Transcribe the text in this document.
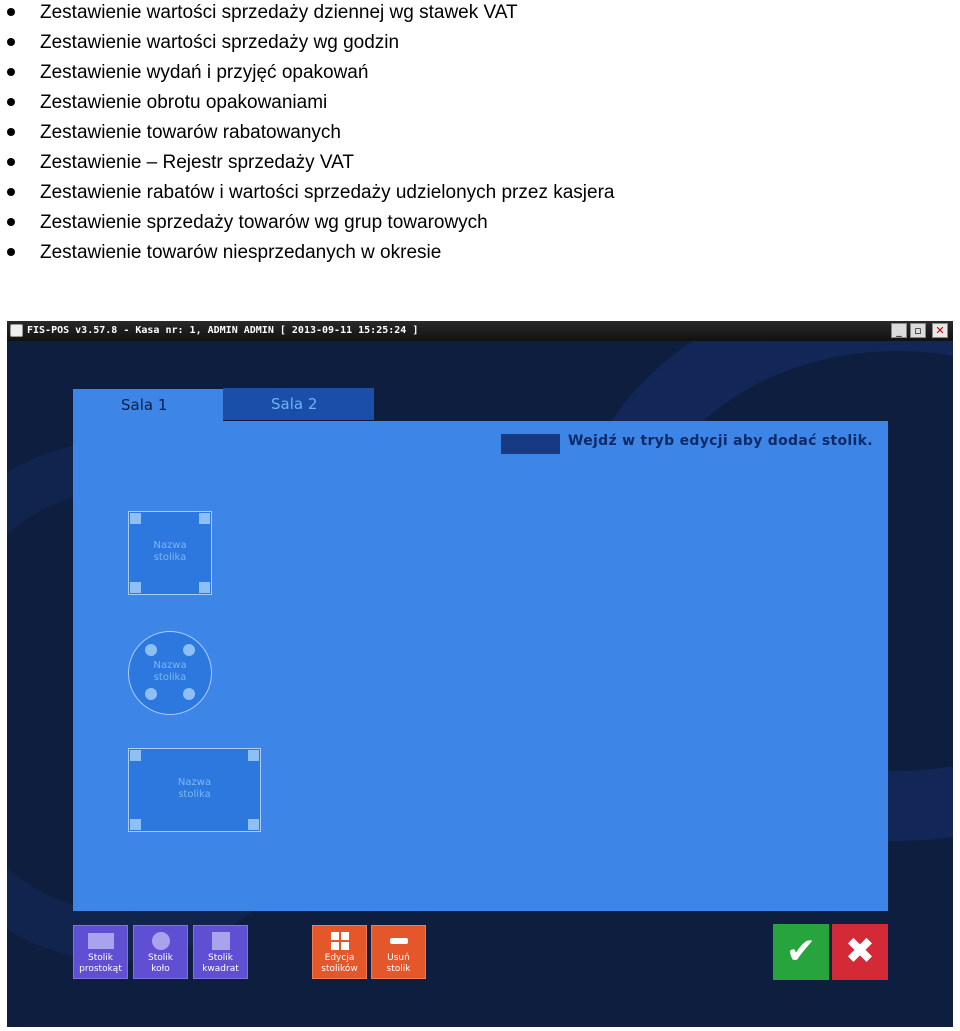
Zestawienie wartości sprzedaży dziennej wg stawek VAT
Zestawienie wartości sprzedaży wg godzin
Zestawienie wydań i przyjęć opakowań
Zestawienie obrotu opakowaniami
Zestawienie towarów rabatowanych
Zestawienie – Rejestr sprzedaży VAT
Zestawienie rabatów i wartości sprzedaży udzielonych przez kasjera
Zestawienie sprzedaży towarów wg grup towarowych
Zestawienie towarów niesprzedanych w okresie
FIS-POS v3.57.8 - Kasa nr: 1, ADMIN ADMIN [ 2013-09-11 15:25:24 ]	_	▫	✕
Sala 1	Sala 2
Wejdź w tryb edycji aby dodać stolik.
Nazwa
stolika
Nazwa
stolika
Nazwa
stolika
Stolik
prostokąt
Stolik
koło
Stolik
kwadrat
Edycja
stolików
Usuń
stolik	✔ ✖
